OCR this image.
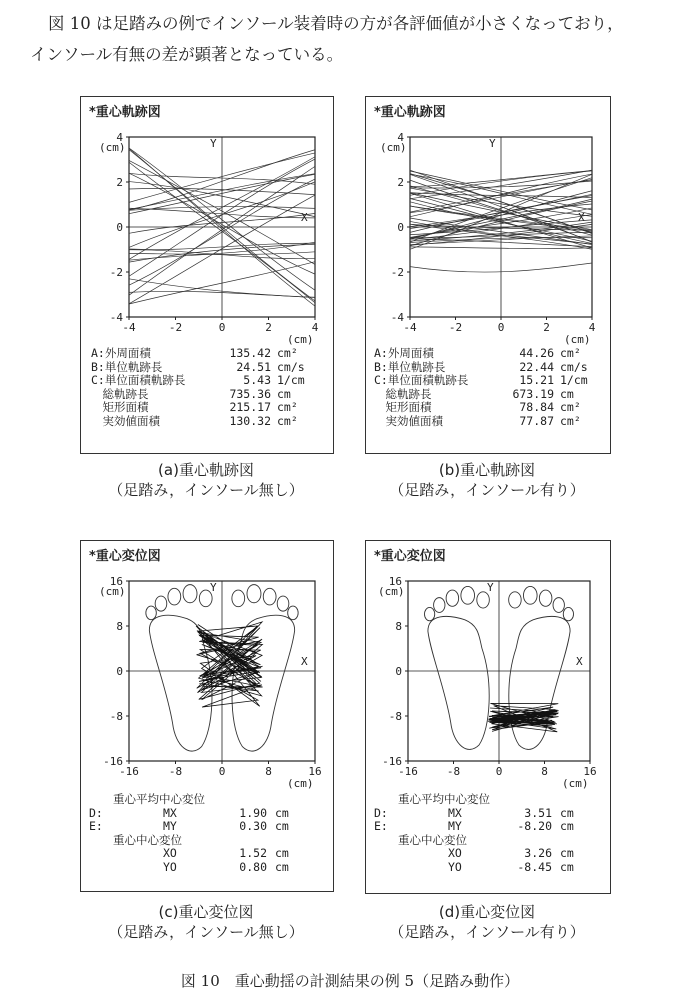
図 10 は足踏みの例でインソール装着時の方が各評価値が小さくなっており，
インソール有無の差が顕著となっている。
*重心軌跡図
4
2
0
-2
-4
-4	-2	0	2	4
(cm)
(cm)
Y
X
A:外周面積	135.42 cm²
B:単位軌跡長	24.51 cm/s
C:単位面積軌跡長	5.43 1/cm
　総軌跡長	735.36 cm
　矩形面積	215.17 cm²
　実効値面積	130.32 cm²
(a)重心軌跡図
（足踏み，インソール無し）
*重心軌跡図
4
2
0
-2
-4
-4	-2	0	2	4
(cm)
(cm)
Y
X
A:外周面積	44.26 cm²
B:単位軌跡長	22.44 cm/s
C:単位面積軌跡長	15.21 1/cm
　総軌跡長	673.19 cm
　矩形面積	78.84 cm²
　実効値面積	77.87 cm²
(b)重心軌跡図
（足踏み，インソール有り）
*重心変位図
16
8
0
-8
-16
-16	-8	0	8	16
(cm)
(cm)
Y
X
重心平均中心変位
D:	MX	1.90 cm
E:	MY	0.30 cm
重心中心変位
XO	1.52 cm
YO	0.80 cm
(c)重心変位図
（足踏み，インソール無し）
*重心変位図
16
8
0
-8
-16
-16	-8	0	8	16
(cm)
(cm)
Y
X
重心平均中心変位
D:	MX	3.51 cm
E:	MY	-8.20 cm
重心中心変位
XO	3.26 cm
YO	-8.45 cm
(d)重心変位図
（足踏み，インソール有り）
図 10　重心動揺の計測結果の例 5（足踏み動作）
